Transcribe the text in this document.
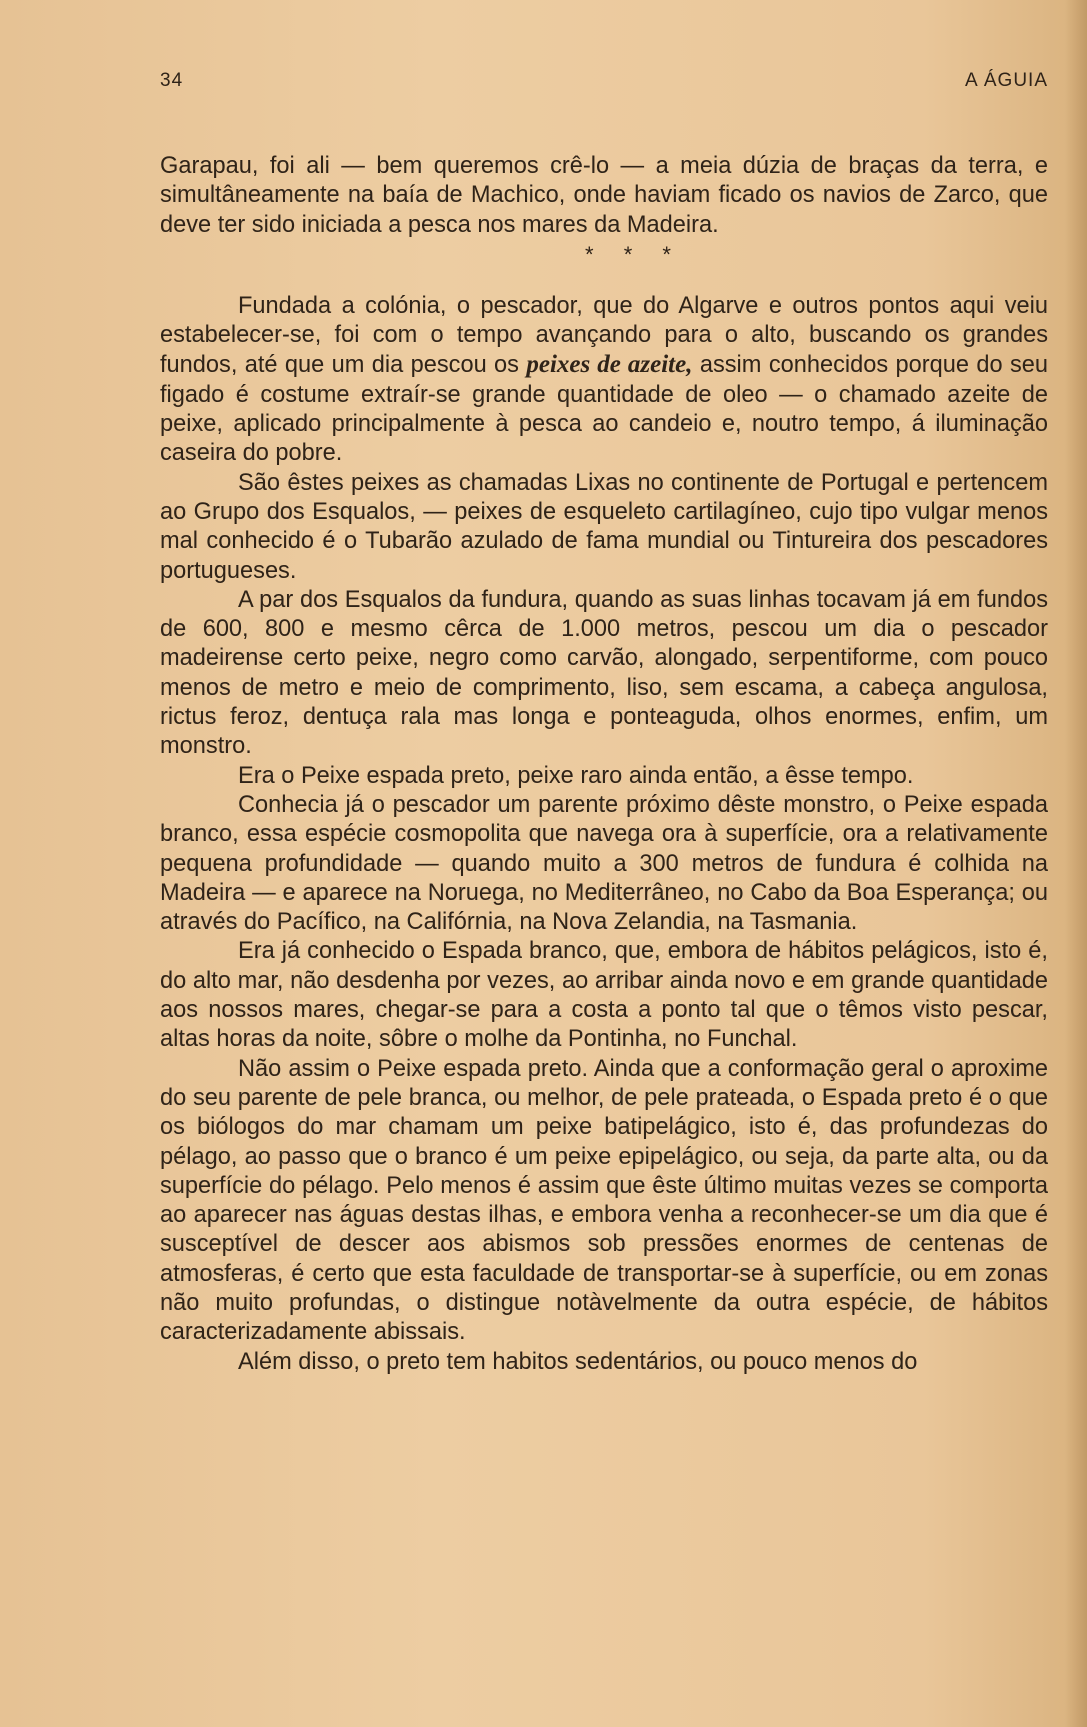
34	A ÁGUIA

Garapau, foi ali — bem queremos crê-lo — a meia dúzia de braças da terra, e simultâneamente na baía de Machico, onde haviam ficado os navios de Zarco, que deve ter sido iniciada a pesca nos mares da Madeira.

* * *

Fundada a colónia, o pescador, que do Algarve e outros pontos aqui veiu estabelecer-se, foi com o tempo avançando para o alto, buscando os grandes fundos, até que um dia pescou os peixes de azeite, assim conhecidos porque do seu figado é costume extraír-se grande quantidade de oleo — o chamado azeite de peixe, aplicado principalmente à pesca ao candeio e, noutro tempo, á iluminação caseira do pobre.

São êstes peixes as chamadas Lixas no continente de Portugal e pertencem ao Grupo dos Esqualos, — peixes de esqueleto cartilagíneo, cujo tipo vulgar menos mal conhecido é o Tubarão azulado de fama mundial ou Tintureira dos pescadores portugueses.

A par dos Esqualos da fundura, quando as suas linhas tocavam já em fundos de 600, 800 e mesmo cêrca de 1.000 metros, pescou um dia o pescador madeirense certo peixe, negro como carvão, alongado, serpentiforme, com pouco menos de metro e meio de comprimento, liso, sem escama, a cabeça angulosa, rictus feroz, dentuça rala mas longa e ponteaguda, olhos enormes, enfim, um monstro.

Era o Peixe espada preto, peixe raro ainda então, a êsse tempo.

Conhecia já o pescador um parente próximo dêste monstro, o Peixe espada branco, essa espécie cosmopolita que navega ora à superfície, ora a relativamente pequena profundidade — quando muito a 300 metros de fundura é colhida na Madeira — e aparece na Noruega, no Mediterrâneo, no Cabo da Boa Esperança; ou através do Pacífico, na Califórnia, na Nova Zelandia, na Tasmania.

Era já conhecido o Espada branco, que, embora de hábitos pelágicos, isto é, do alto mar, não desdenha por vezes, ao arribar ainda novo e em grande quantidade aos nossos mares, chegar-se para a costa a ponto tal que o têmos visto pescar, altas horas da noite, sôbre o molhe da Pontinha, no Funchal.

Não assim o Peixe espada preto. Ainda que a conformação geral o aproxime do seu parente de pele branca, ou melhor, de pele prateada, o Espada preto é o que os biólogos do mar chamam um peixe batipelágico, isto é, das profundezas do pélago, ao passo que o branco é um peixe epipelágico, ou seja, da parte alta, ou da superfície do pélago. Pelo menos é assim que êste último muitas vezes se comporta ao aparecer nas águas destas ilhas, e embora venha a reconhecer-se um dia que é susceptível de descer aos abismos sob pressões enormes de centenas de atmosferas, é certo que esta faculdade de transportar-se à superfície, ou em zonas não muito profundas, o distingue notàvelmente da outra espécie, de hábitos caracterizadamente abissais.

Além disso, o preto tem habitos sedentários, ou pouco menos do
